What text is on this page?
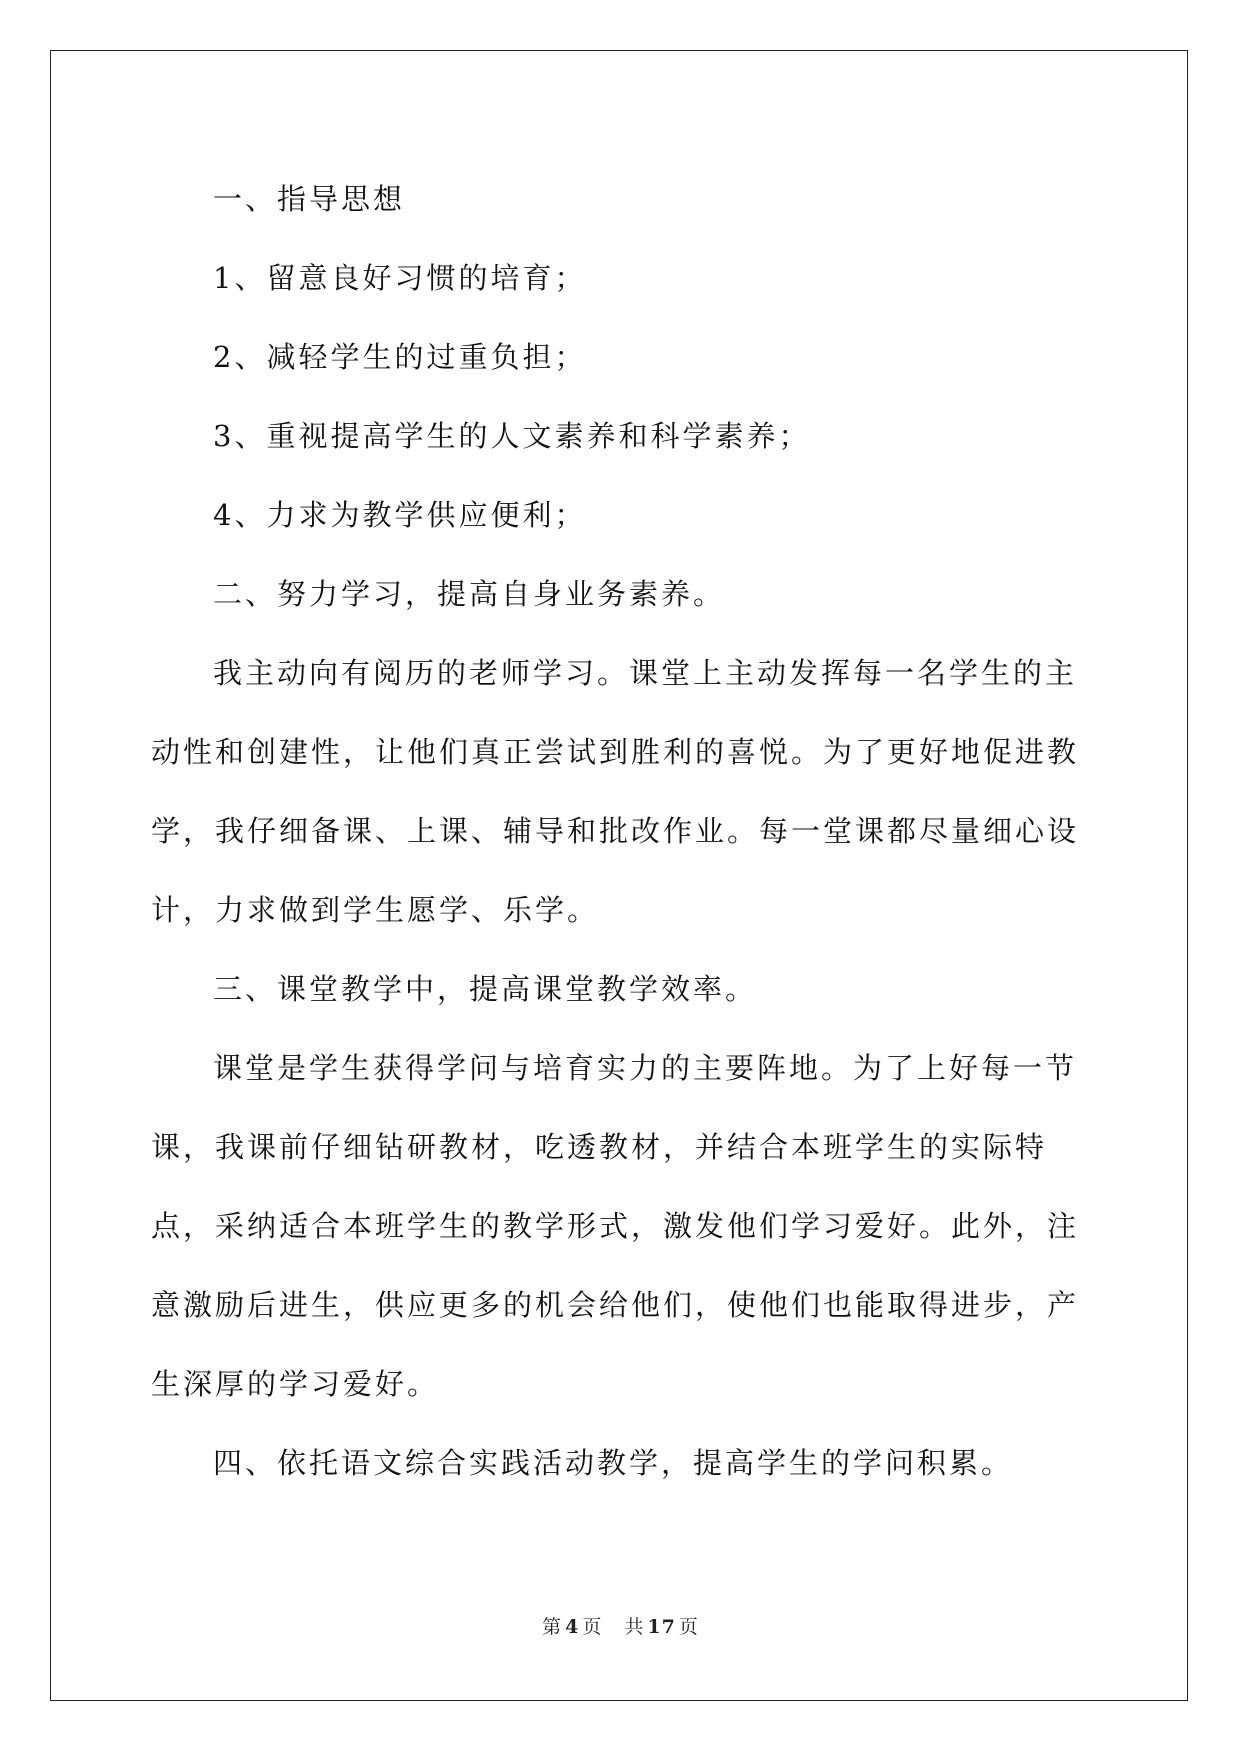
一、指导思想

1、留意良好习惯的培育；

2、减轻学生的过重负担；

3、重视提高学生的人文素养和科学素养；

4、力求为教学供应便利；

二、努力学习，提高自身业务素养。

我主动向有阅历的老师学习。课堂上主动发挥每一名学生的主动性和创建性，让他们真正尝试到胜利的喜悦。为了更好地促进教学，我仔细备课、上课、辅导和批改作业。每一堂课都尽量细心设计，力求做到学生愿学、乐学。

三、课堂教学中，提高课堂教学效率。

课堂是学生获得学问与培育实力的主要阵地。为了上好每一节课，我课前仔细钻研教材，吃透教材，并结合本班学生的实际特点，采纳适合本班学生的教学形式，激发他们学习爱好。此外，注意激励后进生，供应更多的机会给他们，使他们也能取得进步，产生深厚的学习爱好。

四、依托语文综合实践活动教学，提高学生的学问积累。

第 4 页 共 17 页
